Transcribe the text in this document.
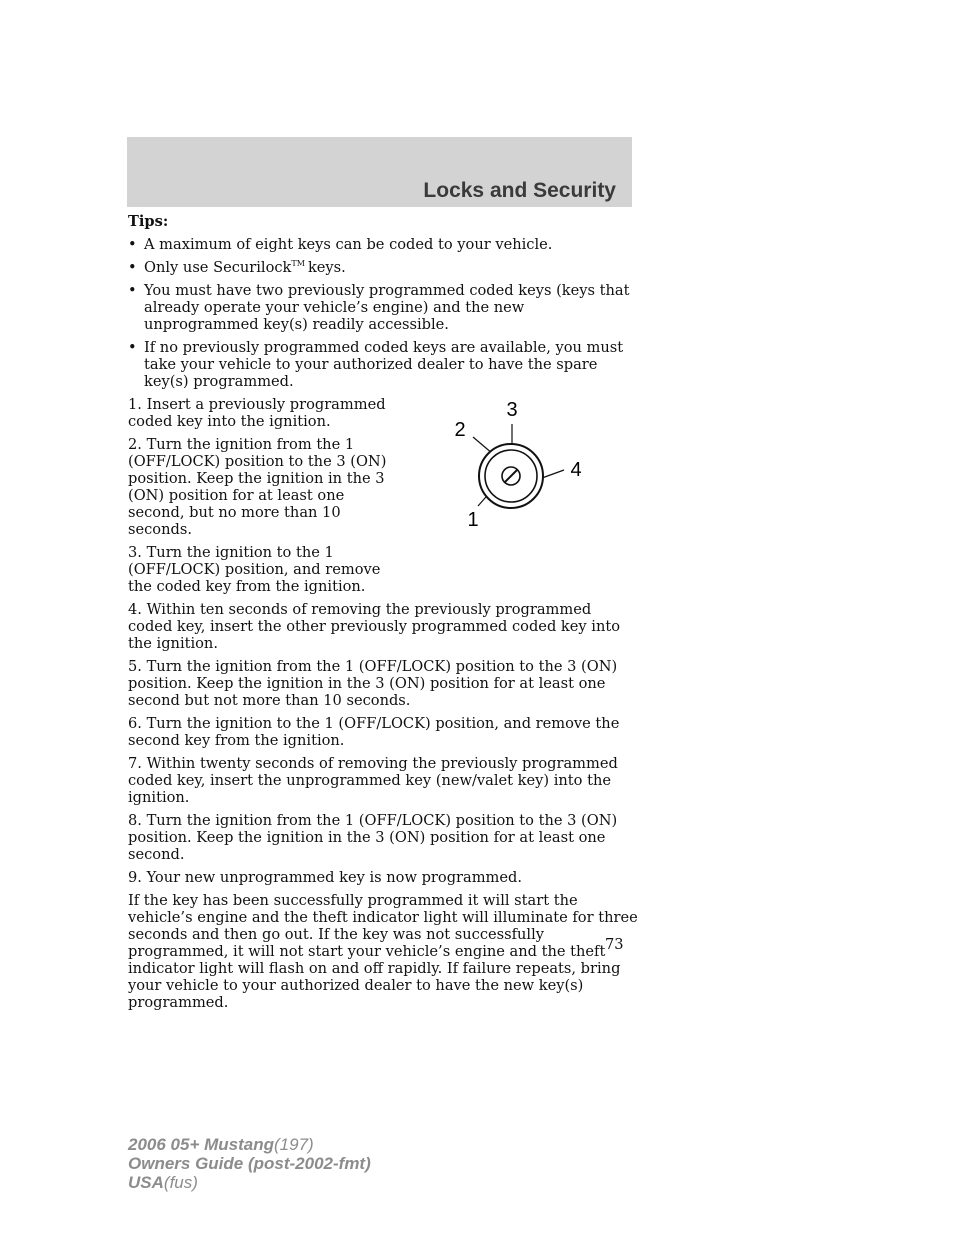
Locks and Security

Tips:

• A maximum of eight keys can be coded to your vehicle.
• Only use Securilock™ keys.
• You must have two previously programmed coded keys (keys that already operate your vehicle’s engine) and the new unprogrammed key(s) readily accessible.
• If no previously programmed coded keys are available, you must take your vehicle to your authorized dealer to have the spare key(s) programmed.

1. Insert a previously programmed coded key into the ignition.

2. Turn the ignition from the 1 (OFF/LOCK) position to the 3 (ON) position. Keep the ignition in the 3 (ON) position for at least one second, but no more than 10 seconds.

3. Turn the ignition to the 1 (OFF/LOCK) position, and remove the coded key from the ignition.

3
2
4
1

4. Within ten seconds of removing the previously programmed coded key, insert the other previously programmed coded key into the ignition.

5. Turn the ignition from the 1 (OFF/LOCK) position to the 3 (ON) position. Keep the ignition in the 3 (ON) position for at least one second but not more than 10 seconds.

6. Turn the ignition to the 1 (OFF/LOCK) position, and remove the second key from the ignition.

7. Within twenty seconds of removing the previously programmed coded key, insert the unprogrammed key (new/valet key) into the ignition.

8. Turn the ignition from the 1 (OFF/LOCK) position to the 3 (ON) position. Keep the ignition in the 3 (ON) position for at least one second.

9. Your new unprogrammed key is now programmed.

If the key has been successfully programmed it will start the vehicle’s engine and the theft indicator light will illuminate for three seconds and then go out. If the key was not successfully programmed, it will not start your vehicle’s engine and the theft indicator light will flash on and off rapidly. If failure repeats, bring your vehicle to your authorized dealer to have the new key(s) programmed.

73
2006 05+ Mustang(197)
Owners Guide (post-2002-fmt)
USA(fus)
